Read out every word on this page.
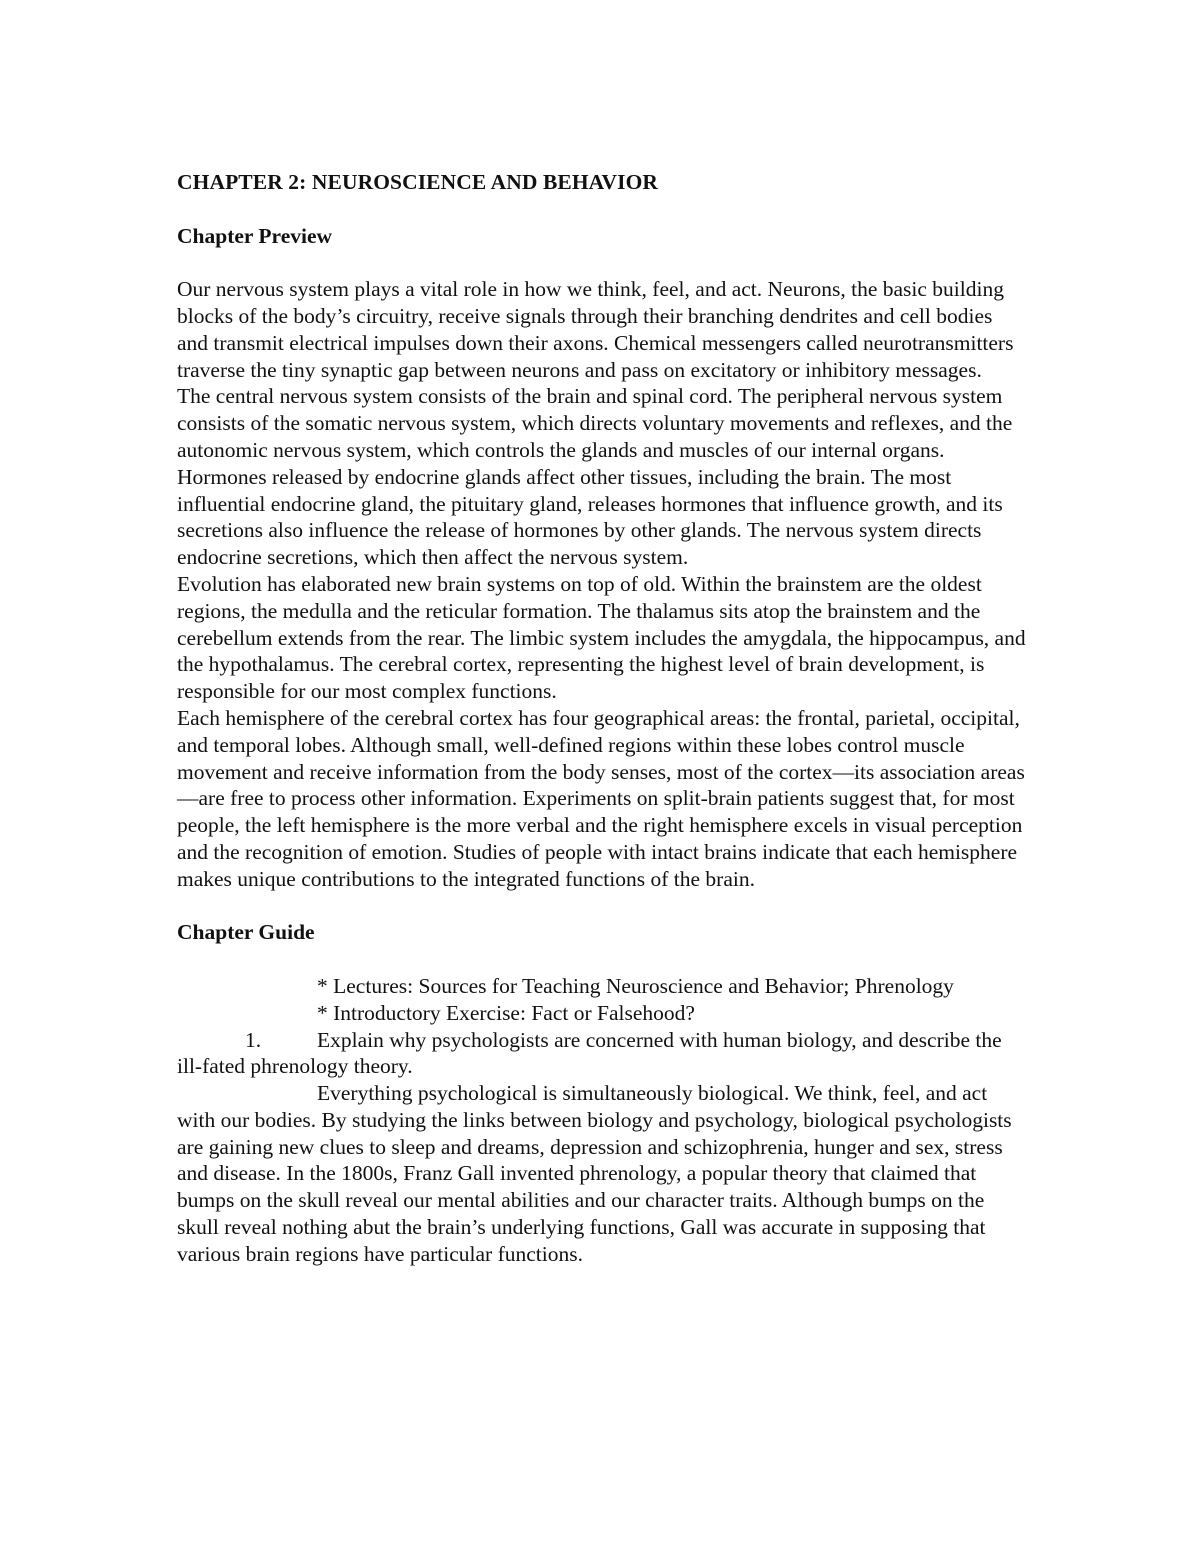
CHAPTER 2: NEUROSCIENCE AND BEHAVIOR
Chapter Preview

Our nervous system plays a vital role in how we think, feel, and act. Neurons, the basic building blocks of the body’s circuitry, receive signals through their branching dendrites and cell bodies and transmit electrical impulses down their axons. Chemical messengers called neurotransmitters traverse the tiny synaptic gap between neurons and pass on excitatory or inhibitory messages.

The central nervous system consists of the brain and spinal cord. The peripheral nervous system consists of the somatic nervous system, which directs voluntary movements and reflexes, and the autonomic nervous system, which controls the glands and muscles of our internal organs.

Hormones released by endocrine glands affect other tissues, including the brain. The most influential endocrine gland, the pituitary gland, releases hormones that influence growth, and its secretions also influence the release of hormones by other glands. The nervous system directs endocrine secretions, which then affect the nervous system.

Evolution has elaborated new brain systems on top of old. Within the brainstem are the oldest regions, the medulla and the reticular formation. The thalamus sits atop the brainstem and the cerebellum extends from the rear. The limbic system includes the amygdala, the hippocampus, and the hypothalamus. The cerebral cortex, representing the highest level of brain development, is responsible for our most complex functions.

Each hemisphere of the cerebral cortex has four geographical areas: the frontal, parietal, occipital, and temporal lobes. Although small, well-defined regions within these lobes control muscle movement and receive information from the body senses, most of the cortex—its association areas—are free to process other information. Experiments on split-brain patients suggest that, for most people, the left hemisphere is the more verbal and the right hemisphere excels in visual perception and the recognition of emotion. Studies of people with intact brains indicate that each hemisphere makes unique contributions to the integrated functions of the brain.

Chapter Guide

* Lectures: Sources for Teaching Neuroscience and Behavior; Phrenology

* Introductory Exercise: Fact or Falsehood?

1.	Explain why psychologists are concerned with human biology, and describe the ill-fated phrenology theory.

Everything psychological is simultaneously biological. We think, feel, and act with our bodies. By studying the links between biology and psychology, biological psychologists are gaining new clues to sleep and dreams, depression and schizophrenia, hunger and sex, stress and disease. In the 1800s, Franz Gall invented phrenology, a popular theory that claimed that bumps on the skull reveal our mental abilities and our character traits. Although bumps on the skull reveal nothing abut the brain’s underlying functions, Gall was accurate in supposing that various brain regions have particular functions.
